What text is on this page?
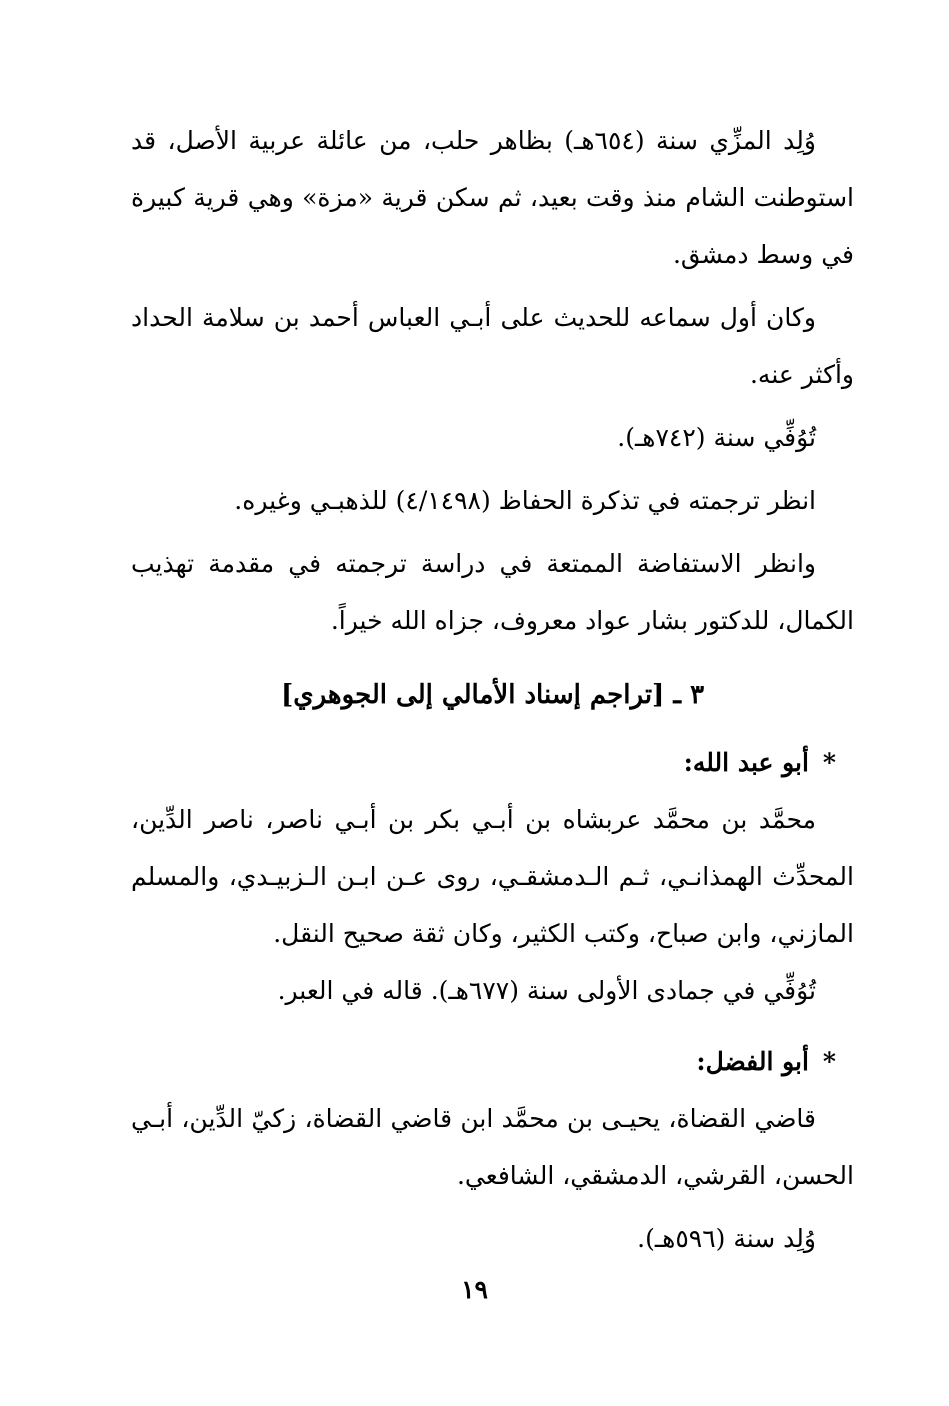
وُلِد المزِّي سنة (٦٥٤هـ) بظاهر حلب، من عائلة عربية الأصل، قد استوطنت الشام منذ وقت بعيد، ثم سكن قرية «مزة» وهي قرية كبيرة في وسط دمشق.

وكان أول سماعه للحديث على أبـي العباس أحمد بن سلامة الحداد وأكثر عنه.

تُوُفِّي سنة (٧٤٢هـ).

انظر ترجمته في تذكرة الحفاظ (٤/١٤٩٨) للذهبـي وغيره.

وانظر الاستفاضة الممتعة في دراسة ترجمته في مقدمة تهذيب الكمال، للدكتور بشار عواد معروف، جزاه الله خيراً.

٣ ـ [تراجم إسناد الأمالي إلى الجوهري]
*أبو عبد الله:

محمَّد بن محمَّد عربشاه بن أبـي بكر بن أبـي ناصر، ناصر الدِّين، المحدِّث الهمذانـي، ثـم الـدمشقـي، روى عـن ابـن الـزبيـدي، والمسلم المازني، وابن صباح، وكتب الكثير، وكان ثقة صحيح النقل.

تُوُفِّي في جمادى الأولى سنة (٦٧٧هـ). قاله في العبر.

*أبو الفضل:

قاضي القضاة، يحيـى بن محمَّد ابن قاضي القضاة، زكيّ الدِّين، أبـي الحسن، القرشي، الدمشقي، الشافعي.

وُلِد سنة (٥٩٦هـ).

١٩
